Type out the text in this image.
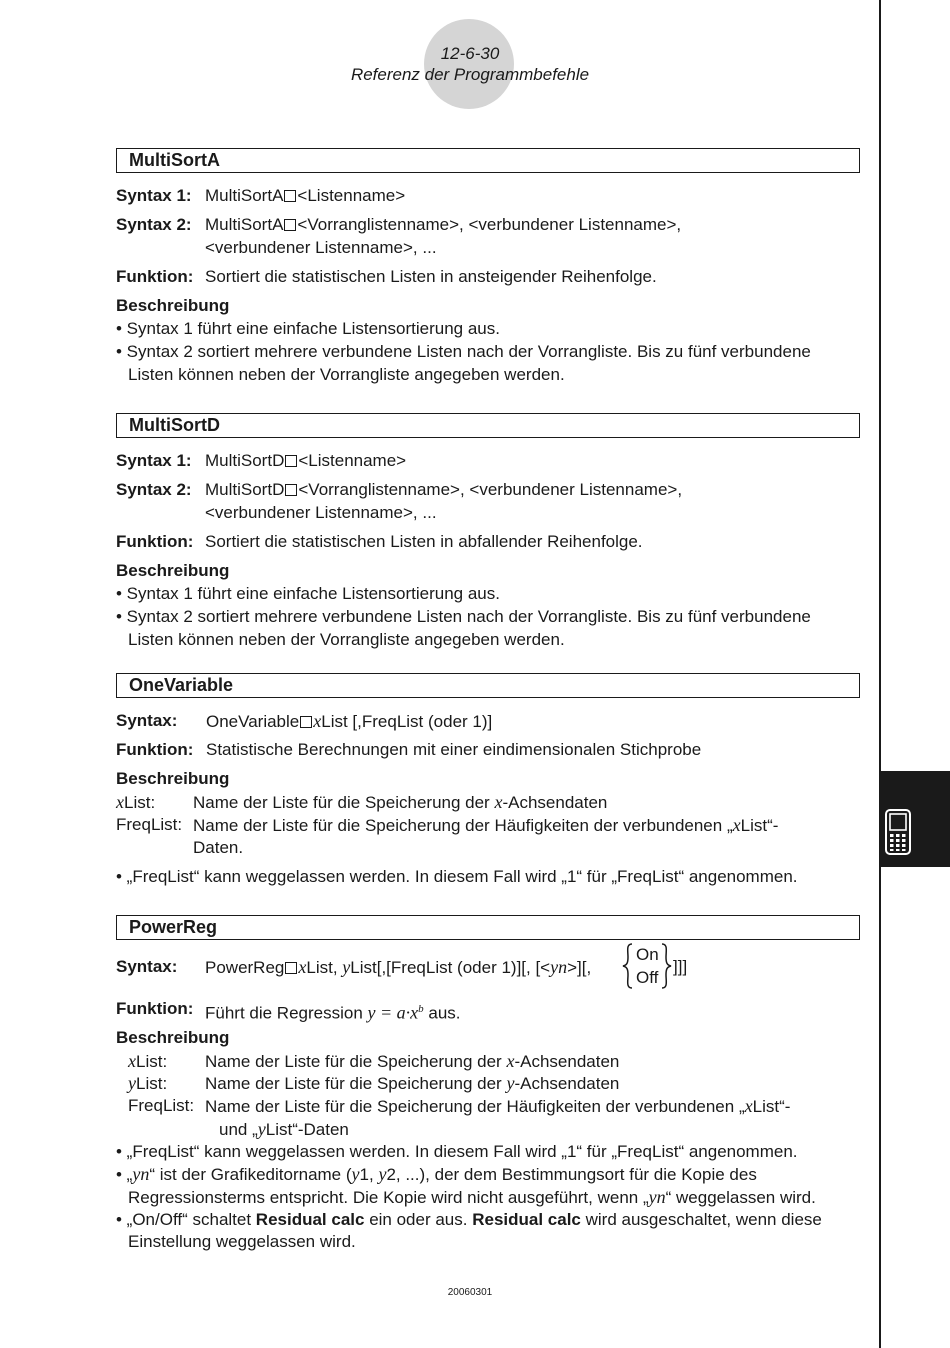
12-6-30
Referenz der Programmbefehle
MultiSortA
Syntax 1: MultiSortA <Listenname>
Syntax 2: MultiSortA <Vorranglistenname>, <verbundener Listenname>,
<verbundener Listenname>, ...
Funktion: Sortiert die statistischen Listen in ansteigender Reihenfolge.
Beschreibung
• Syntax 1 führt eine einfache Listensortierung aus.
• Syntax 2 sortiert mehrere verbundene Listen nach der Vorrangliste. Bis zu fünf verbundene
Listen können neben der Vorrangliste angegeben werden.
MultiSortD
Syntax 1: MultiSortD <Listenname>
Syntax 2: MultiSortD <Vorranglistenname>, <verbundener Listenname>,
<verbundener Listenname>, ...
Funktion: Sortiert die statistischen Listen in abfallender Reihenfolge.
Beschreibung
• Syntax 1 führt eine einfache Listensortierung aus.
• Syntax 2 sortiert mehrere verbundene Listen nach der Vorrangliste. Bis zu fünf verbundene
Listen können neben der Vorrangliste angegeben werden.
OneVariable
Syntax: OneVariable xList [,FreqList (oder 1)]
Funktion: Statistische Berechnungen mit einer eindimensionalen Stichprobe
Beschreibung
xList: Name der Liste für die Speicherung der x-Achsendaten
FreqList: Name der Liste für die Speicherung der Häufigkeiten der verbundenen „xList“-
Daten.
• „FreqList“ kann weggelassen werden. In diesem Fall wird „1“ für „FreqList“ angenommen.
PowerReg
Syntax: PowerReg xList, yList[,[FreqList (oder 1)][, [<yn>][,
On
Off
]]]
Funktion: Führt die Regression $y = a\cdot x^b$ aus.
Beschreibung
xList: Name der Liste für die Speicherung der x-Achsendaten
yList: Name der Liste für die Speicherung der y-Achsendaten
FreqList: Name der Liste für die Speicherung der Häufigkeiten der verbundenen „xList“-
und „yList“-Daten
• „FreqList“ kann weggelassen werden. In diesem Fall wird „1“ für „FreqList“ angenommen.
• „yn“ ist der Grafikeditorname (y1, y2, ...), der dem Bestimmungsort für die Kopie des
Regressionsterms entspricht. Die Kopie wird nicht ausgeführt, wenn „yn“ weggelassen wird.
• „On/Off“ schaltet Residual calc ein oder aus. Residual calc wird ausgeschaltet, wenn diese
Einstellung weggelassen wird.
20060301
